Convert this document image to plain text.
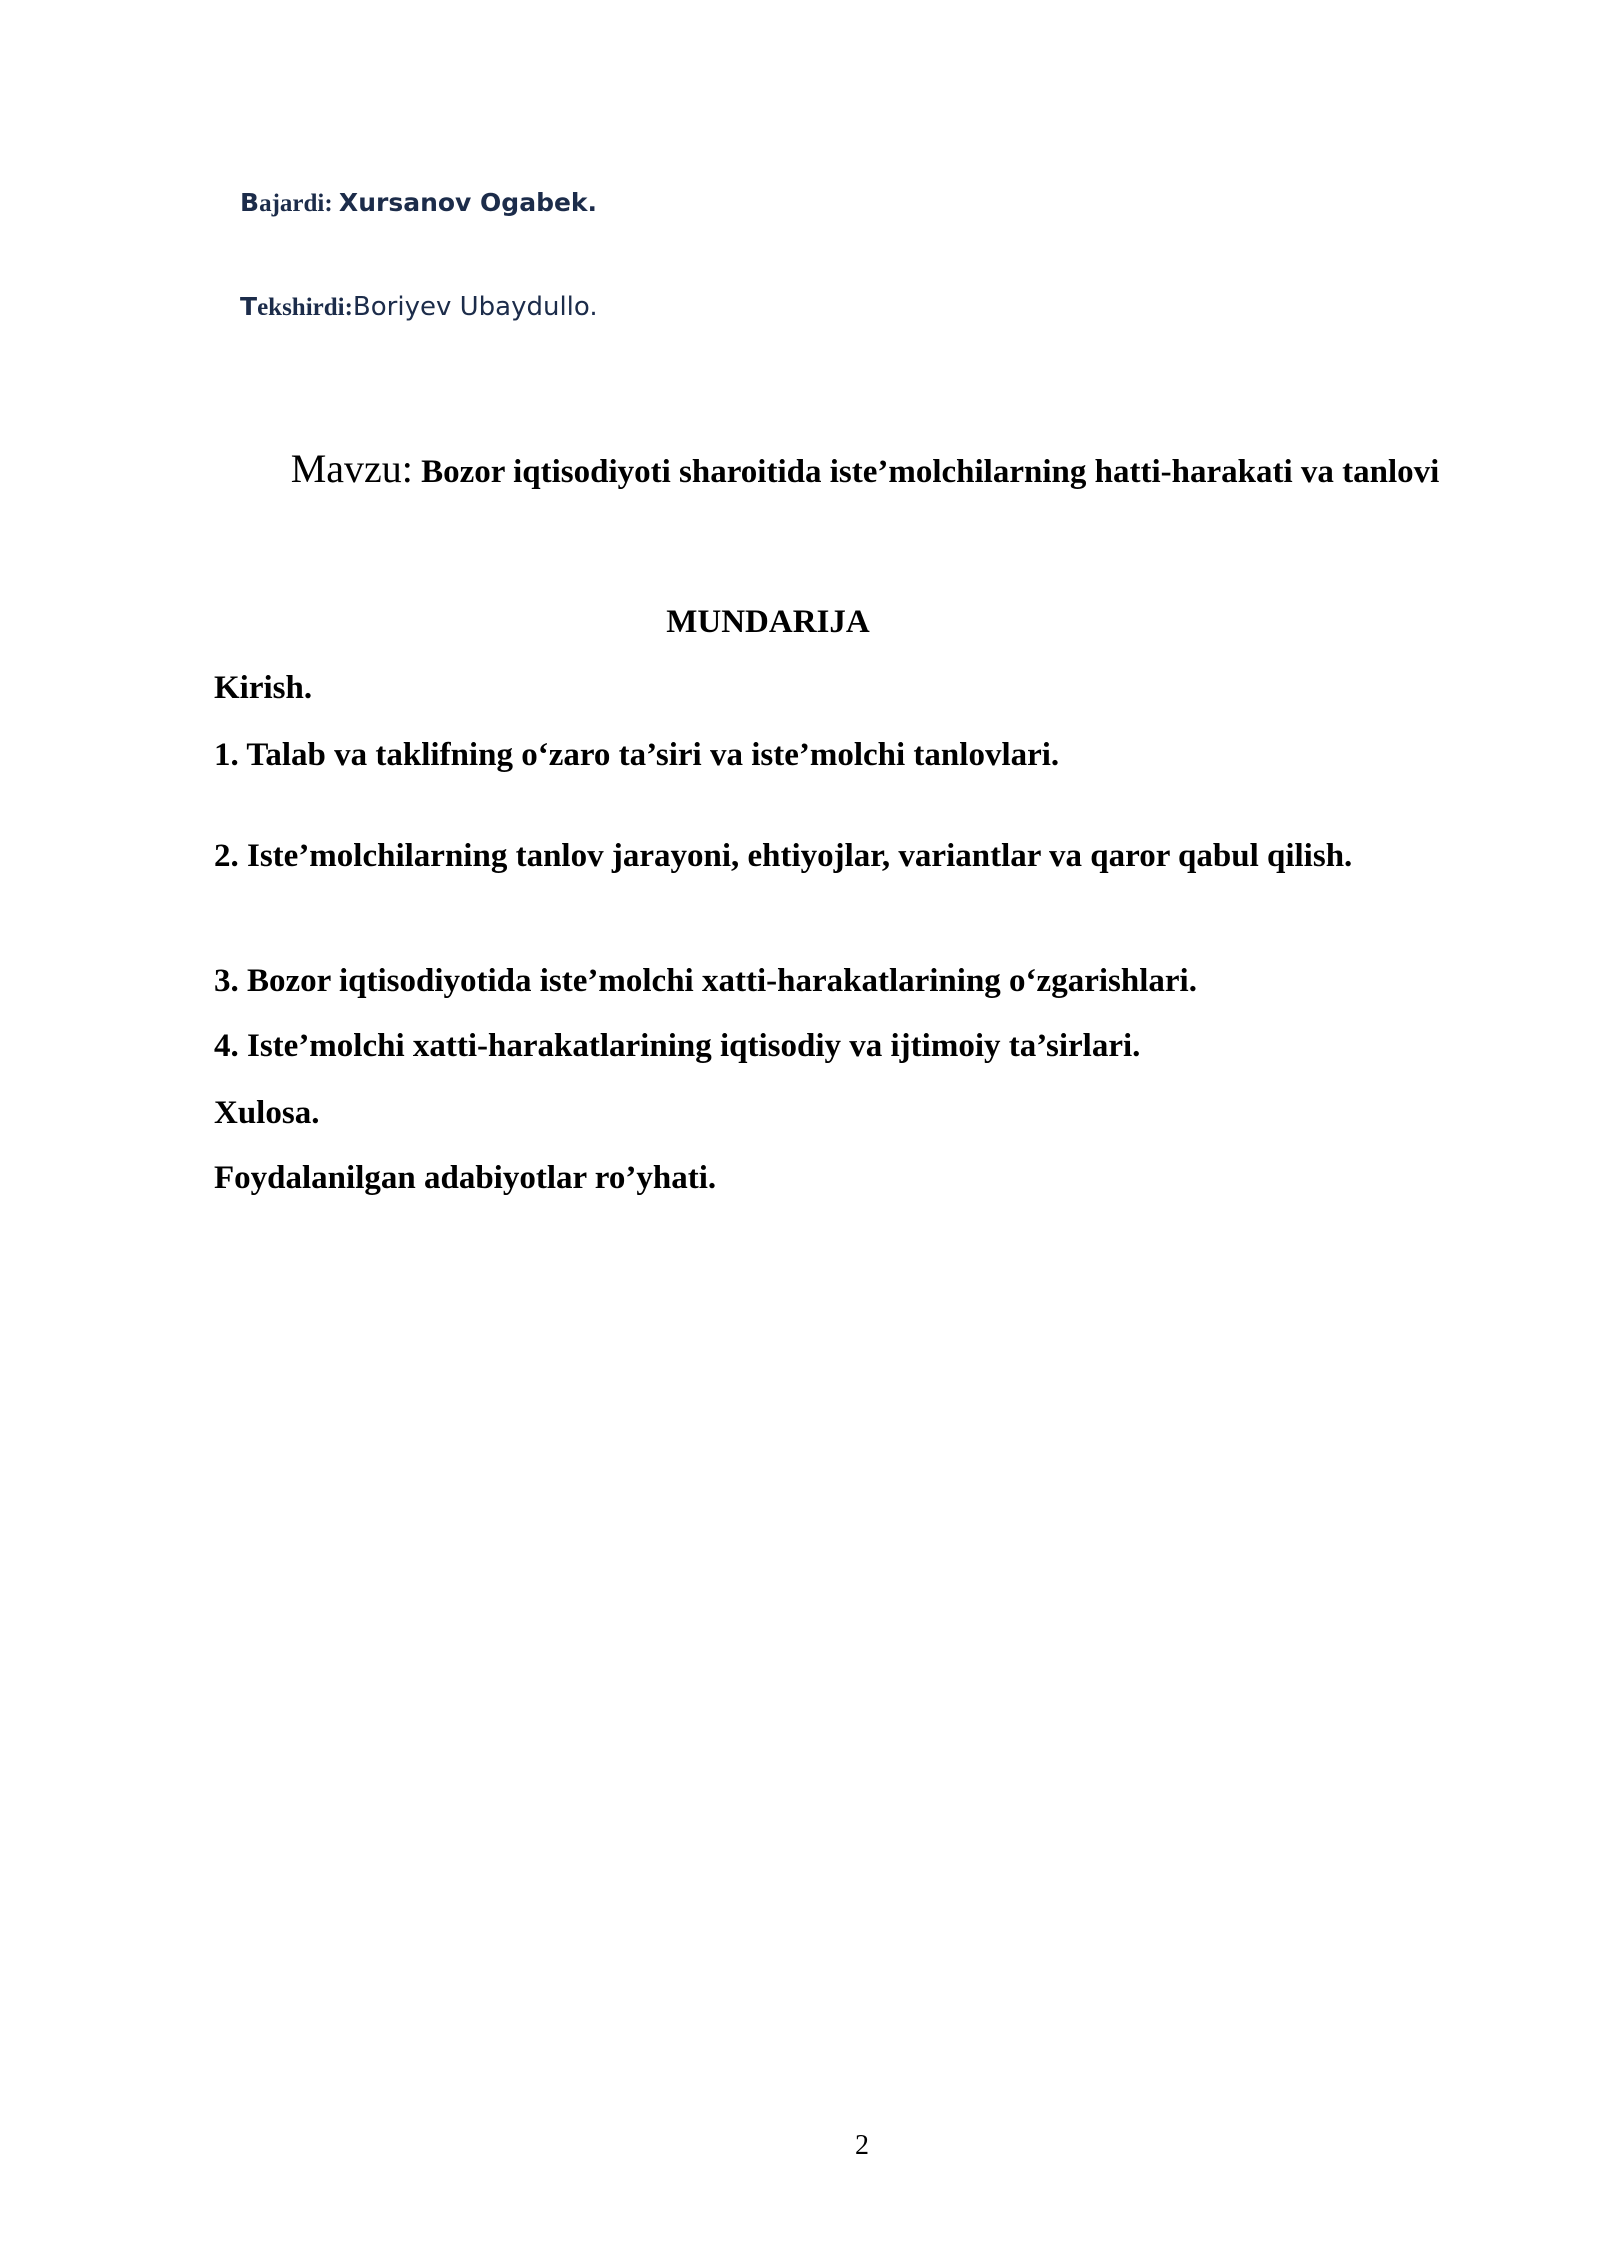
Bajardi: Xursanov Ogabek.
Tekshirdi:Boriyev Ubaydullo.
Mavzu: Bozor iqtisodiyoti sharoitida iste’molchilarning hatti-harakati va tanlovi
MUNDARIJA
Kirish.
1. Talab va taklifning o‘zaro ta’siri va iste’molchi tanlovlari.
2. Iste’molchilarning tanlov jarayoni, ehtiyojlar, variantlar va qaror qabul qilish.
3. Bozor iqtisodiyotida iste’molchi xatti-harakatlarining o‘zgarishlari.
4. Iste’molchi xatti-harakatlarining iqtisodiy va ijtimoiy ta’sirlari.
Xulosa.
Foydalanilgan adabiyotlar ro’yhati.
2
